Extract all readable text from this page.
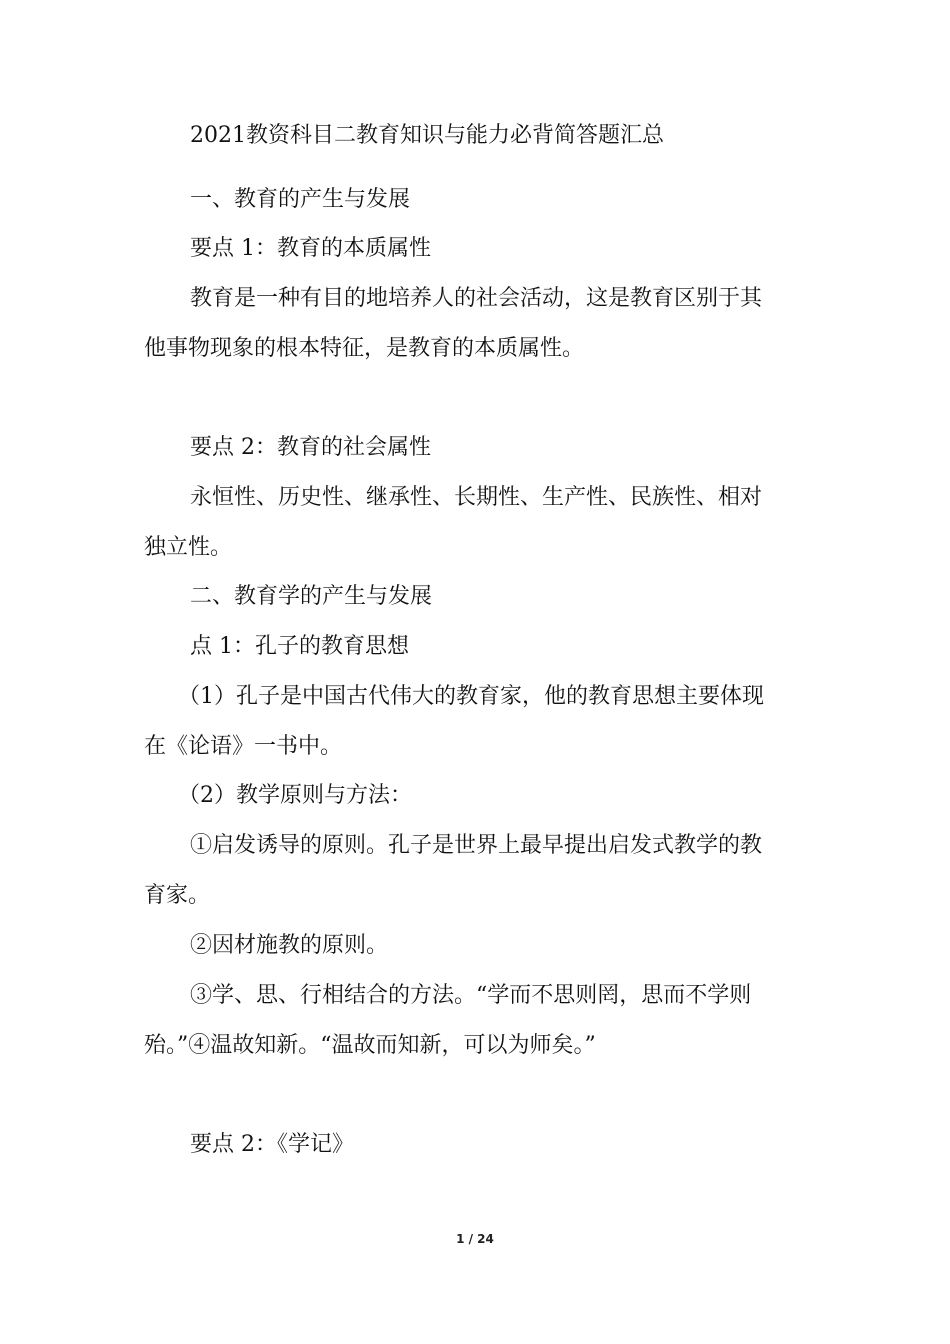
2021教资科目二教育知识与能力必背简答题汇总
一、教育的产生与发展
要点 1：教育的本质属性
教育是一种有目的地培养人的社会活动，这是教育区别于其
他事物现象的根本特征，是教育的本质属性。
要点 2：教育的社会属性
永恒性、历史性、继承性、长期性、生产性、民族性、相对
独立性。
二、教育学的产生与发展
点 1：孔子的教育思想
（1）孔子是中国古代伟大的教育家，他的教育思想主要体现
在《论语》一书中。
（2）教学原则与方法：
①启发诱导的原则。孔子是世界上最早提出启发式教学的教
育家。
②因材施教的原则。
③学、思、行相结合的方法。“学而不思则罔，思而不学则
殆。”④温故知新。“温故而知新，可以为师矣。”
要点 2：《学记》
1 / 24
